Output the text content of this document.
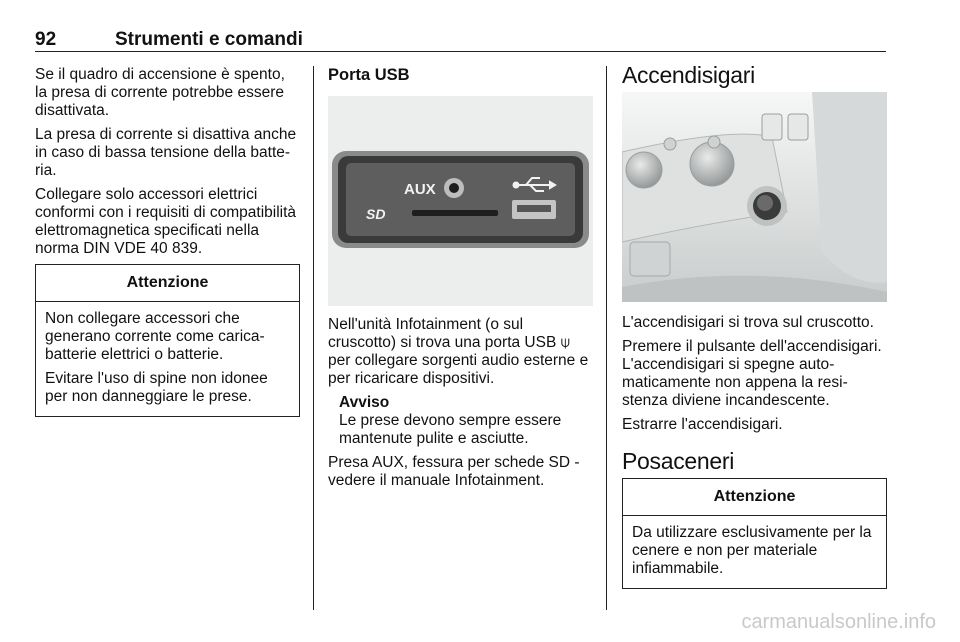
92	Strumenti e comandi

Se il quadro di accensione è spento, la presa di corrente potrebbe essere disattivata.

La presa di corrente si disattiva anche in caso di bassa tensione della batteria.

Collegare solo accessori elettrici conformi con i requisiti di compatibilità elettromagnetica specificati nella norma DIN VDE 40 839.

Attenzione

Non collegare accessori che generano corrente come caricabatterie elettrici o batterie.

Evitare l'uso di spine non idonee per non danneggiare le prese.

Porta USB
AUX
SD

Nell'unità Infotainment (o sul cruscotto) si trova una porta USB ⍦ per collegare sorgenti audio esterne e per ricaricare dispositivi.

Avviso
Le prese devono sempre essere mantenute pulite e asciutte.

Presa AUX, fessura per schede SD - vedere il manuale Infotainment.

Accendisigari

L'accendisigari si trova sul cruscotto.

Premere il pulsante dell'accendisigari. L'accendisigari si spegne automaticamente non appena la resistenza diviene incandescente.

Estrarre l'accendisigari.

Posaceneri
Attenzione

Da utilizzare esclusivamente per la cenere e non per materiale infiammabile.

carmanualsonline.info
